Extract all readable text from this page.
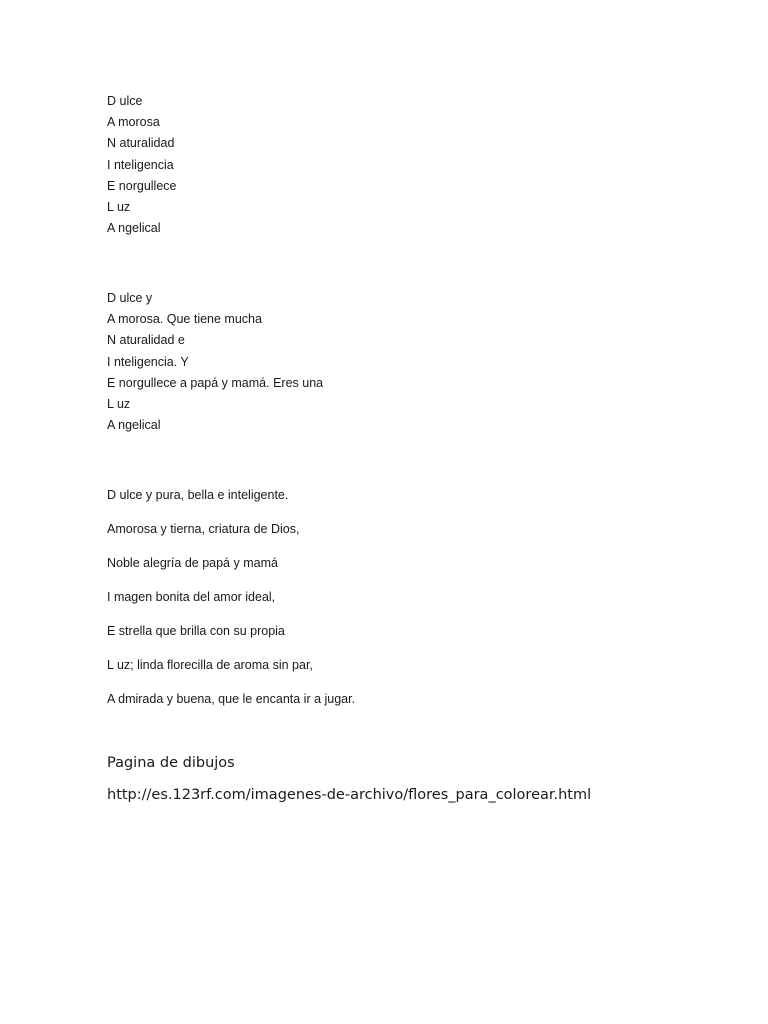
D ulce
A morosa
N aturalidad
I nteligencia
E norgullece
L uz
A ngelical
D ulce y
A morosa. Que tiene mucha
N aturalidad e
I nteligencia. Y
E norgullece a papá y mamá. Eres una
L uz
A ngelical
D ulce y pura, bella e inteligente.
Amorosa y tierna, criatura de Dios,
Noble alegría de papá y mamá
I magen bonita del amor ideal,
E strella que brilla con su propia
L uz; linda florecilla de aroma sin par,
A dmirada y buena, que le encanta ir a jugar.
Pagina de dibujos
http://es.123rf.com/imagenes-de-archivo/flores_para_colorear.html
